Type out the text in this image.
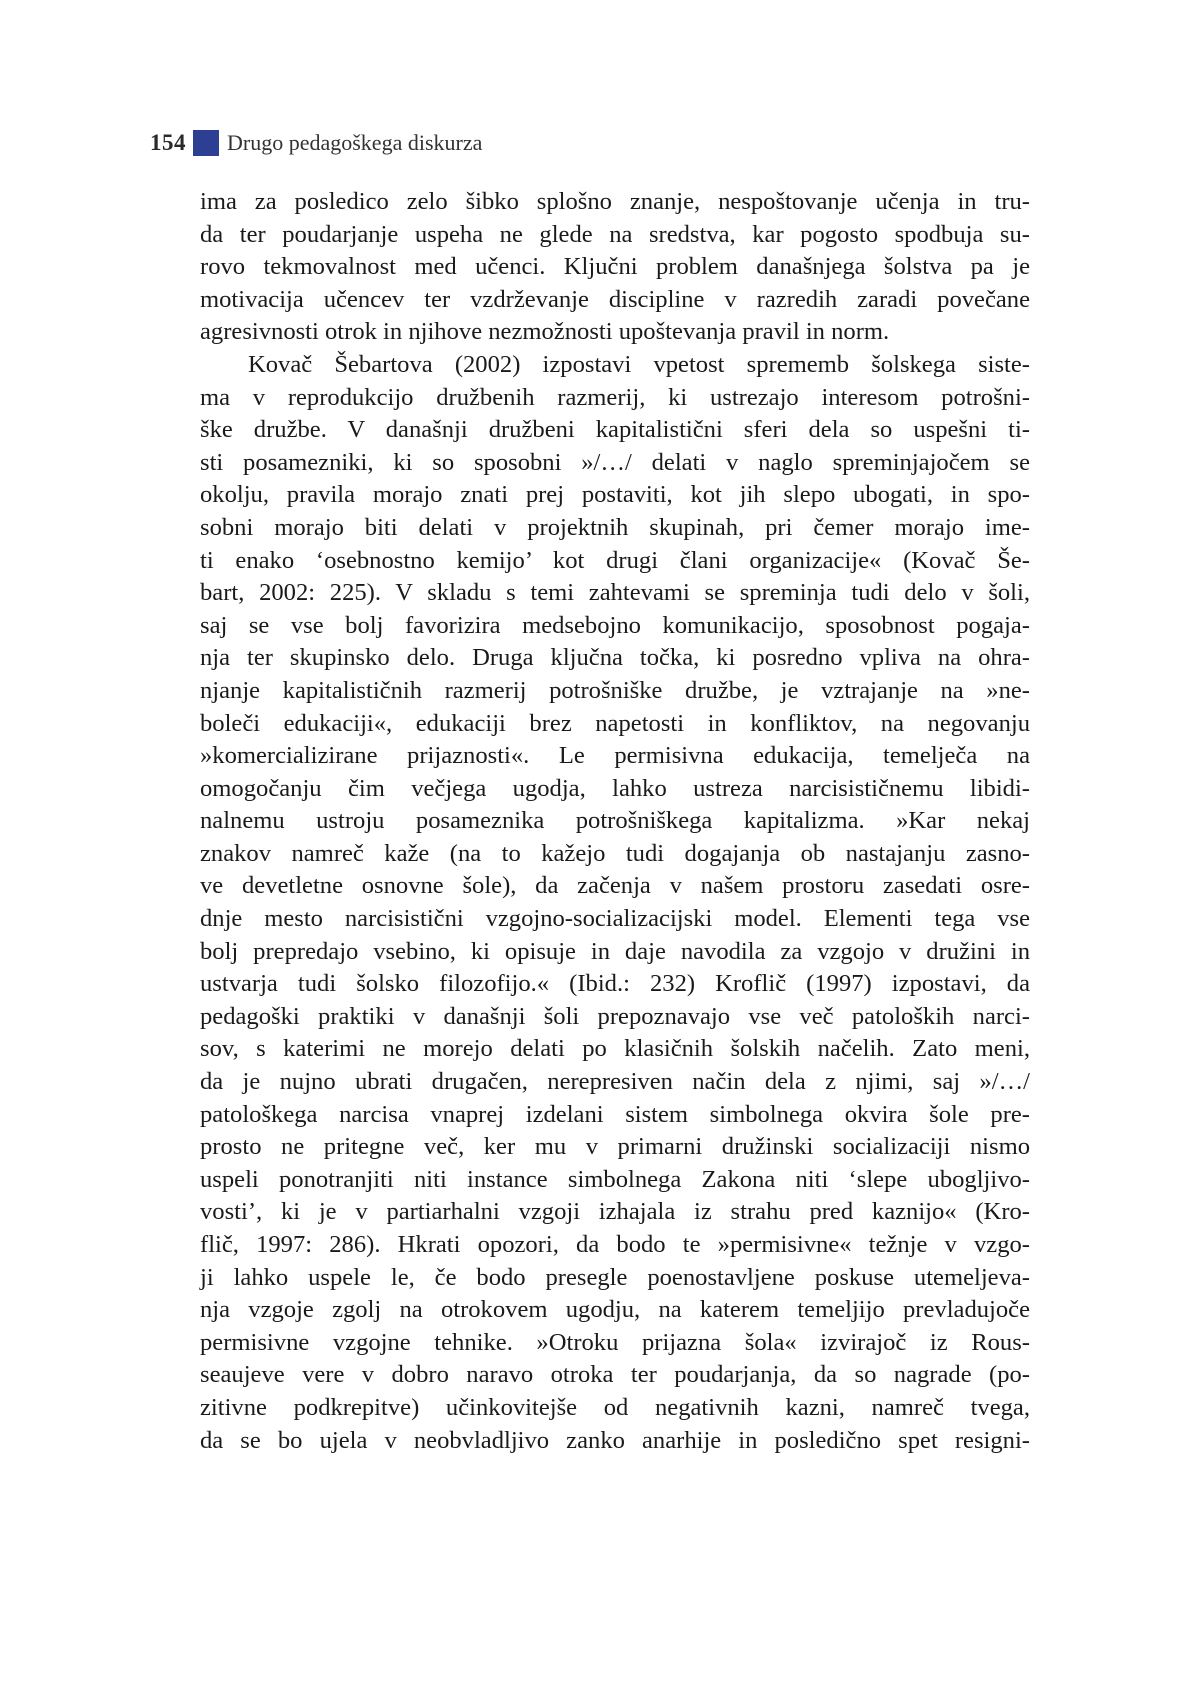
154 Drugo pedagoškega diskurza
ima za posledico zelo šibko splošno znanje, nespoštovanje učenja in tru-
da ter poudarjanje uspeha ne glede na sredstva, kar pogosto spodbuja su-
rovo tekmovalnost med učenci. Ključni problem današnjega šolstva pa je
motivacija učencev ter vzdrževanje discipline v razredih zaradi povečane
agresivnosti otrok in njihove nezmožnosti upoštevanja pravil in norm.
Kovač Šebartova (2002) izpostavi vpetost sprememb šolskega siste-
ma v reprodukcijo družbenih razmerij, ki ustrezajo interesom potrošni-
ške družbe. V današnji družbeni kapitalistični sferi dela so uspešni ti-
sti posamezniki, ki so sposobni »/…/ delati v naglo spreminjajočem se
okolju, pravila morajo znati prej postaviti, kot jih slepo ubogati, in spo-
sobni morajo biti delati v projektnih skupinah, pri čemer morajo ime-
ti enako ‘osebnostno kemijo’ kot drugi člani organizacije« (Kovač Še-
bart, 2002: 225). V skladu s temi zahtevami se spreminja tudi delo v šoli,
saj se vse bolj favorizira medsebojno komunikacijo, sposobnost pogaja-
nja ter skupinsko delo. Druga ključna točka, ki posredno vpliva na ohra-
njanje kapitalističnih razmerij potrošniške družbe, je vztrajanje na »ne-
boleči edukaciji«, edukaciji brez napetosti in konfliktov, na negovanju
»komercializirane prijaznosti«. Le permisivna edukacija, temelječa na
omogočanju čim večjega ugodja, lahko ustreza narcisističnemu libidi-
nalnemu ustroju posameznika potrošniškega kapitalizma. »Kar nekaj
znakov namreč kaže (na to kažejo tudi dogajanja ob nastajanju zasno-
ve devetletne osnovne šole), da začenja v našem prostoru zasedati osre-
dnje mesto narcisistični vzgojno-socializacijski model. Elementi tega vse
bolj prepredajo vsebino, ki opisuje in daje navodila za vzgojo v družini in
ustvarja tudi šolsko filozofijo.« (Ibid.: 232) Kroflič (1997) izpostavi, da
pedagoški praktiki v današnji šoli prepoznavajo vse več patoloških narci-
sov, s katerimi ne morejo delati po klasičnih šolskih načelih. Zato meni,
da je nujno ubrati drugačen, nerepresiven način dela z njimi, saj »/…/
patološkega narcisa vnaprej izdelani sistem simbolnega okvira šole pre-
prosto ne pritegne več, ker mu v primarni družinski socializaciji nismo
uspeli ponotranjiti niti instance simbolnega Zakona niti ‘slepe ubogljivo-
vosti’, ki je v partiarhalni vzgoji izhajala iz strahu pred kaznijo« (Kro-
flič, 1997: 286). Hkrati opozori, da bodo te »permisivne« težnje v vzgo-
ji lahko uspele le, če bodo presegle poenostavljene poskuse utemeljeva-
nja vzgoje zgolj na otrokovem ugodju, na katerem temeljijo prevladujoče
permisivne vzgojne tehnike. »Otroku prijazna šola« izvirajoč iz Rous-
seaujeve vere v dobro naravo otroka ter poudarjanja, da so nagrade (po-
zitivne podkrepitve) učinkovitejše od negativnih kazni, namreč tvega,
da se bo ujela v neobvladljivo zanko anarhije in posledično spet resigni-
